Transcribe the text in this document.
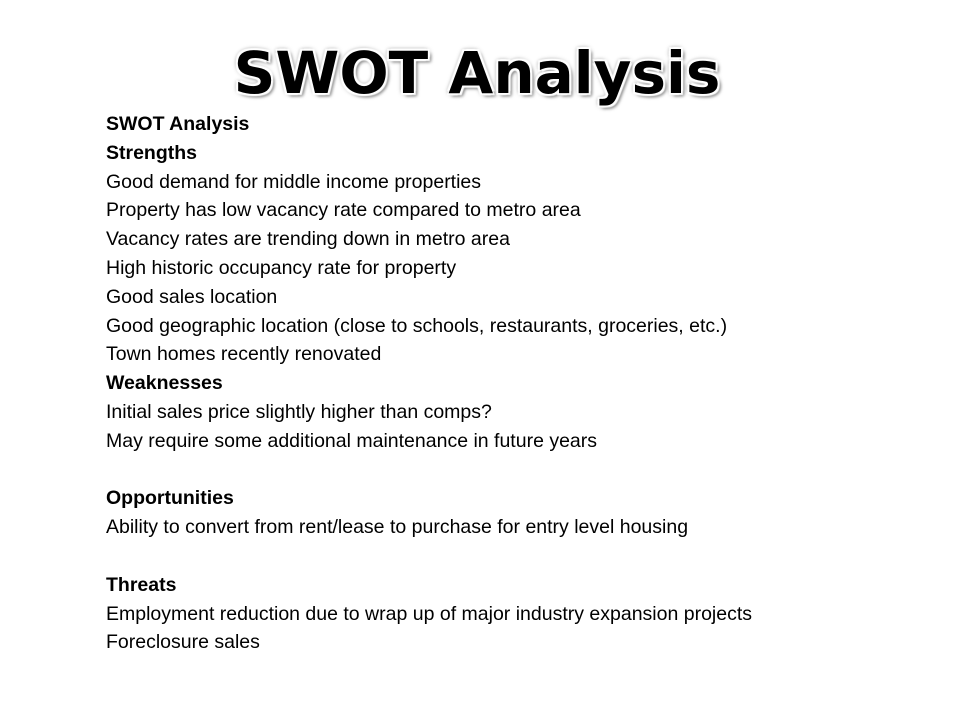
SWOT Analysis

SWOT Analysis

Strengths

Good demand for middle income properties

Property has low vacancy rate compared to metro area

Vacancy rates are trending down in metro area

High historic occupancy rate for property

Good sales location

Good geographic location (close to schools, restaurants, groceries, etc.)

Town homes recently renovated

Weaknesses

Initial sales price slightly higher than comps?

May require some additional maintenance in future years

Opportunities

Ability to convert from rent/lease to purchase for entry level housing

Threats

Employment reduction due to wrap up of major industry expansion projects

Foreclosure sales
